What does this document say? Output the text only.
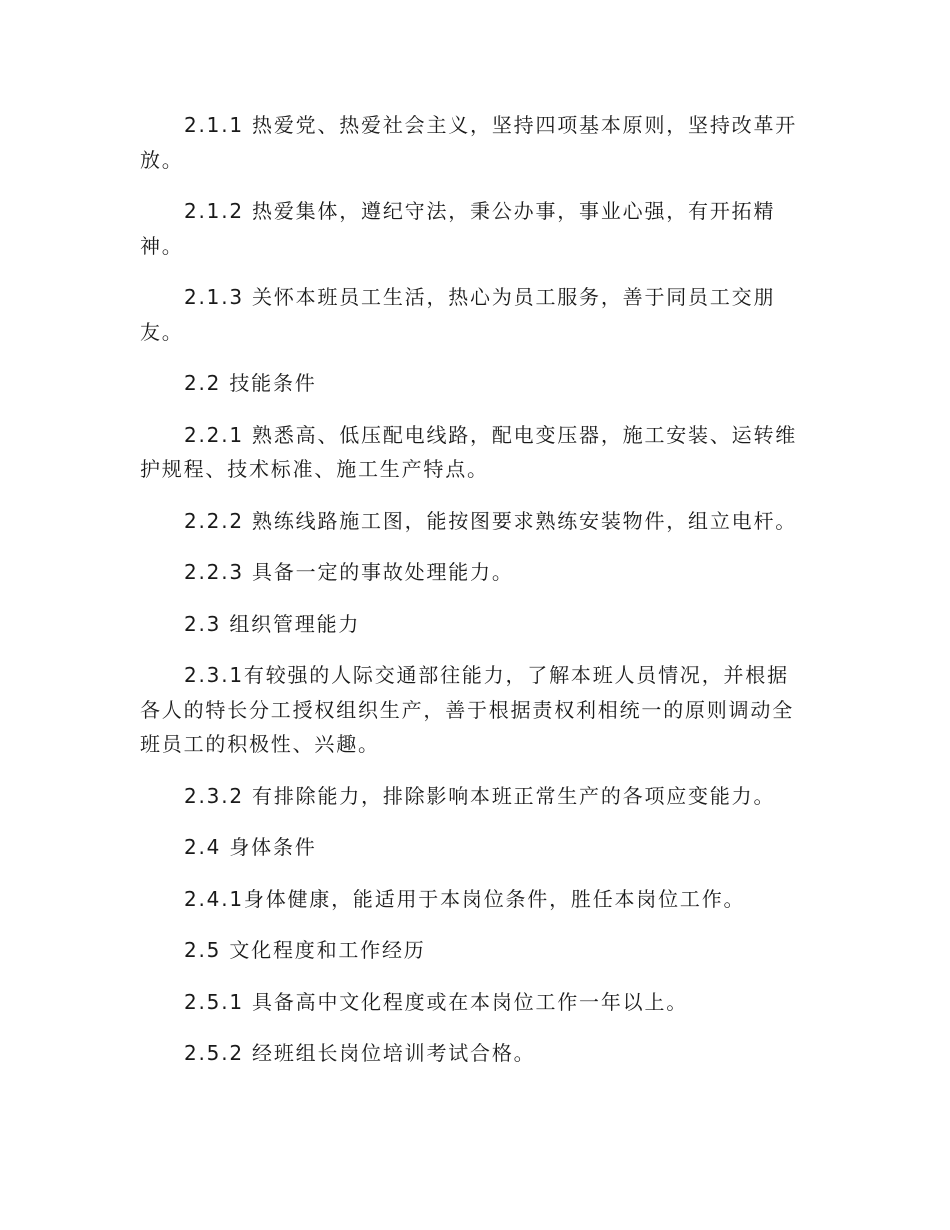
2.1.1 热爱党、热爱社会主义，坚持四项基本原则，坚持改革开放。

2.1.2 热爱集体，遵纪守法，秉公办事，事业心强，有开拓精神。

2.1.3 关怀本班员工生活，热心为员工服务，善于同员工交朋友。

2.2 技能条件

2.2.1 熟悉高、低压配电线路，配电变压器，施工安装、运转维护规程、技术标准、施工生产特点。

2.2.2 熟练线路施工图，能按图要求熟练安装物件，组立电杆。

2.2.3 具备一定的事故处理能力。

2.3 组织管理能力

2.3.1有较强的人际交通部往能力，了解本班人员情况，并根据各人的特长分工授权组织生产，善于根据责权利相统一的原则调动全班员工的积极性、兴趣。

2.3.2 有排除能力，排除影响本班正常生产的各项应变能力。

2.4 身体条件

2.4.1身体健康，能适用于本岗位条件，胜任本岗位工作。

2.5 文化程度和工作经历

2.5.1 具备高中文化程度或在本岗位工作一年以上。

2.5.2 经班组长岗位培训考试合格。
